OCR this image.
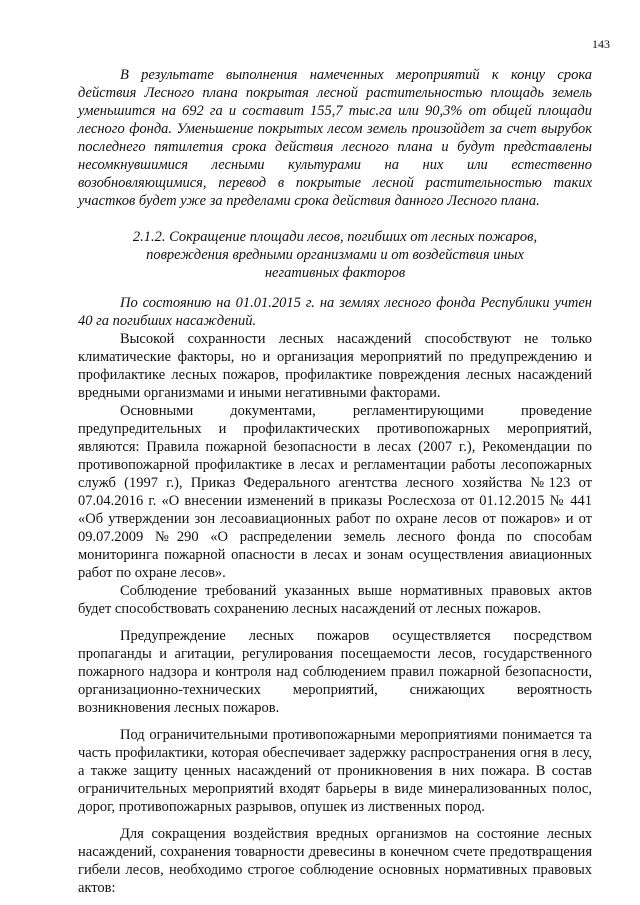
143

В результате выполнения намеченных мероприятий к концу срока действия Лесного плана покрытая лесной растительностью площадь земель уменьшится на 692 га и составит 155,7 тыс.га или 90,3% от общей площади лесного фонда. Уменьшение покрытых лесом земель произойдет за счет вырубок последнего пятилетия срока действия лесного плана и будут представлены несомкнувшимися лесными культурами на них или естественно возобновляющимися, перевод в покрытые лесной растительностью таких участков будет уже за пределами срока действия данного Лесного плана.

2.1.2. Сокращение площади лесов, погибших от лесных пожаров,

повреждения вредными организмами и от воздействия иных

негативных факторов

По состоянию на 01.01.2015 г. на землях лесного фонда Республики учтен 40 га погибших насаждений.

Высокой сохранности лесных насаждений способствуют не только климатические факторы, но и организация мероприятий по предупреждению и профилактике лесных пожаров, профилактике повреждения лесных насаждений вредными организмами и иными негативными факторами.

Основными документами, регламентирующими проведение предупредительных и профилактических противопожарных мероприятий, являются: Правила пожарной безопасности в лесах (2007 г.), Рекомендации по противопожарной профилактике в лесах и регламентации работы лесопожарных служб (1997 г.), Приказ Федерального агентства лесного хозяйства №123 от 07.04.2016 г. «О внесении изменений в приказы Рослесхоза от 01.12.2015 № 441 «Об утверждении зон лесоавиационных работ по охране лесов от пожаров» и от 09.07.2009 №290 «О распределении земель лесного фонда по способам мониторинга пожарной опасности в лесах и зонам осуществления авиационных работ по охране лесов».

Соблюдение требований указанных выше нормативных правовых актов будет способствовать сохранению лесных насаждений от лесных пожаров.

Предупреждение лесных пожаров осуществляется посредством пропаганды и агитации, регулирования посещаемости лесов, государственного пожарного надзора и контроля над соблюдением правил пожарной безопасности, организационно-технических мероприятий, снижающих вероятность возникновения лесных пожаров.

Под ограничительными противопожарными мероприятиями понимается та часть профилактики, которая обеспечивает задержку распространения огня в лесу, а также защиту ценных насаждений от проникновения в них пожара. В состав ограничительных мероприятий входят барьеры в виде минерализованных полос, дорог, противопожарных разрывов, опушек из лиственных пород.

Для сокращения воздействия вредных организмов на состояние лесных насаждений, сохранения товарности древесины в конечном счете предотвращения гибели лесов, необходимо строгое соблюдение основных нормативных правовых актов:
